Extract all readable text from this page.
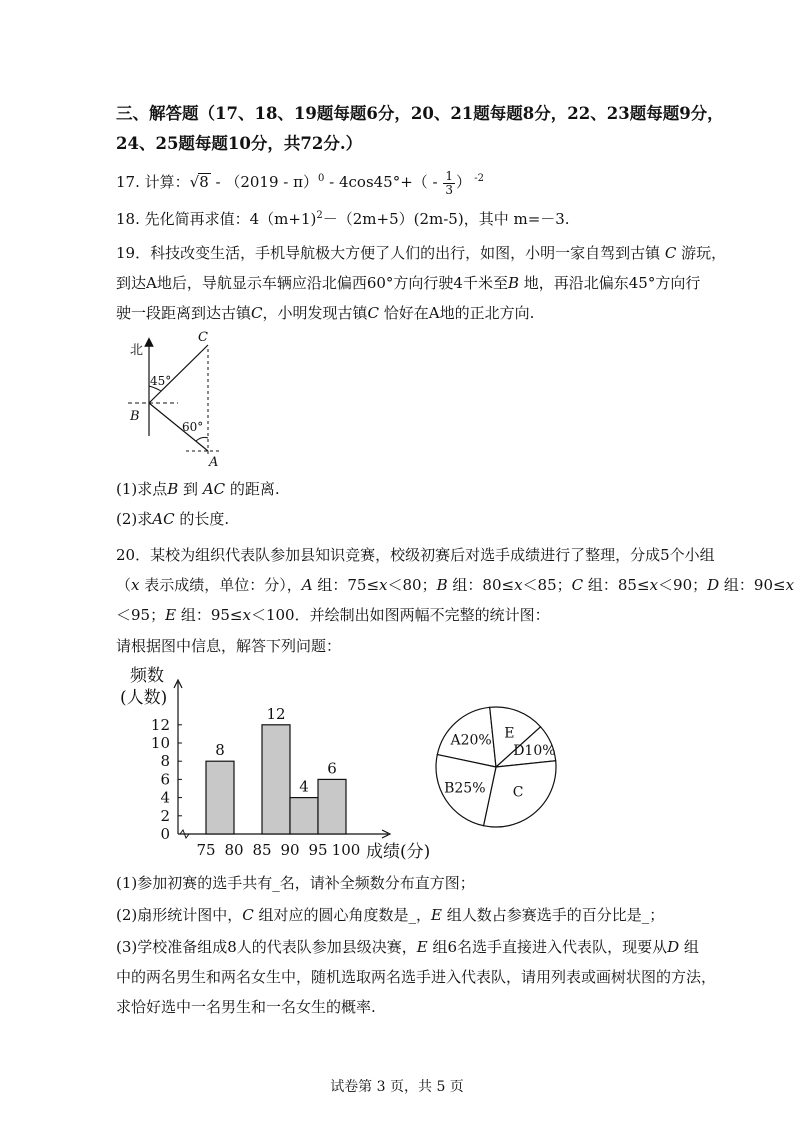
三、解答题（17、18、19题每题6分，20、21题每题8分，22、23题每题9分，
24、25题每题10分，共72分.）
17. 计算：$√8 - (2019 - \pi)^0 - 4\cos 45^\circ+( - \frac{1}{3}$ ） $^{-2}$
18. 先化简再求值：4（m+1)$^2$－（2m+5）(2m-5)，其中 m=－3.
19．科技改变生活，手机导航极大方便了人们的出行，如图，小明一家自驾到古镇 C 游玩，
到达A地后，导航显示车辆应沿北偏西60°方向行驶4千米至B 地，再沿北偏东45°方向行
驶一段距离到达古镇C，小明发现古镇C 恰好在A地的正北方向.
北
45°
60°
C
B
A
(1)求点B 到 AC 的距离.
(2)求AC 的长度.
20．某校为组织代表队参加县知识竞赛，校级初赛后对选手成绩进行了整理，分成5个小组
（x 表示成绩，单位：分），A 组：75≤x＜80；B 组：80≤x＜85；C 组：85≤x＜90；D 组：90≤x
＜95；E 组：95≤x＜100．并绘制出如图两幅不完整的统计图：
请根据图中信息，解答下列问题：
0
2
4
6
8
10
12
8
12
4
6
75 80 85 90 95 100
频数
(人数)
成绩(分)
A20% E
D10%
C
B25%
(1)参加初赛的选手共有_名，请补全频数分布直方图；
(2)扇形统计图中，C 组对应的圆心角度数是_，E 组人数占参赛选手的百分比是_；
(3)学校准备组成8人的代表队参加县级决赛，E 组6名选手直接进入代表队，现要从D 组
中的两名男生和两名女生中，随机选取两名选手进入代表队，请用列表或画树状图的方法，
求恰好选中一名男生和一名女生的概率.
试卷第 3 页，共 5 页
